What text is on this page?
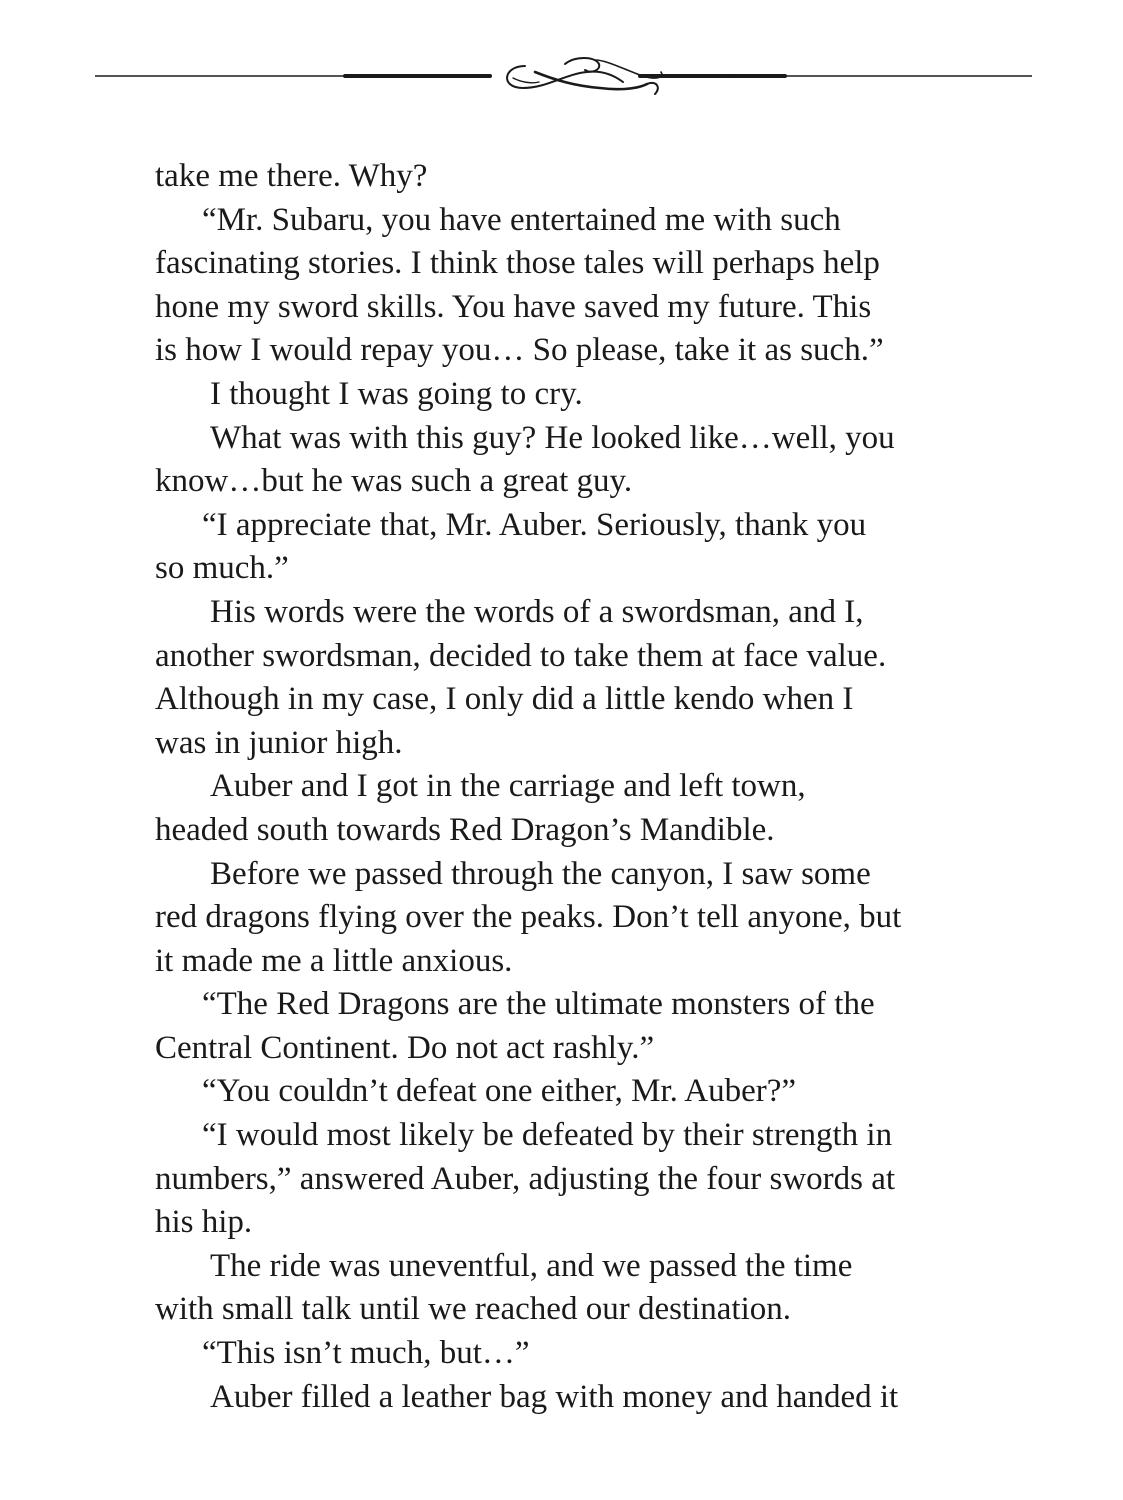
take me there. Why?
“Mr. Subaru, you have entertained me with such
fascinating stories. I think those tales will perhaps help
hone my sword skills. You have saved my future. This
is how I would repay you… So please, take it as such.”
I thought I was going to cry.
What was with this guy? He looked like…well, you
know…but he was such a great guy.
“I appreciate that, Mr. Auber. Seriously, thank you
so much.”
His words were the words of a swordsman, and I,
another swordsman, decided to take them at face value.
Although in my case, I only did a little kendo when I
was in junior high.
Auber and I got in the carriage and left town,
headed south towards Red Dragon’s Mandible.
Before we passed through the canyon, I saw some
red dragons flying over the peaks. Don’t tell anyone, but
it made me a little anxious.
“The Red Dragons are the ultimate monsters of the
Central Continent. Do not act rashly.”
“You couldn’t defeat one either, Mr. Auber?”
“I would most likely be defeated by their strength in
numbers,” answered Auber, adjusting the four swords at
his hip.
The ride was uneventful, and we passed the time
with small talk until we reached our destination.
“This isn’t much, but…”
Auber filled a leather bag with money and handed it
